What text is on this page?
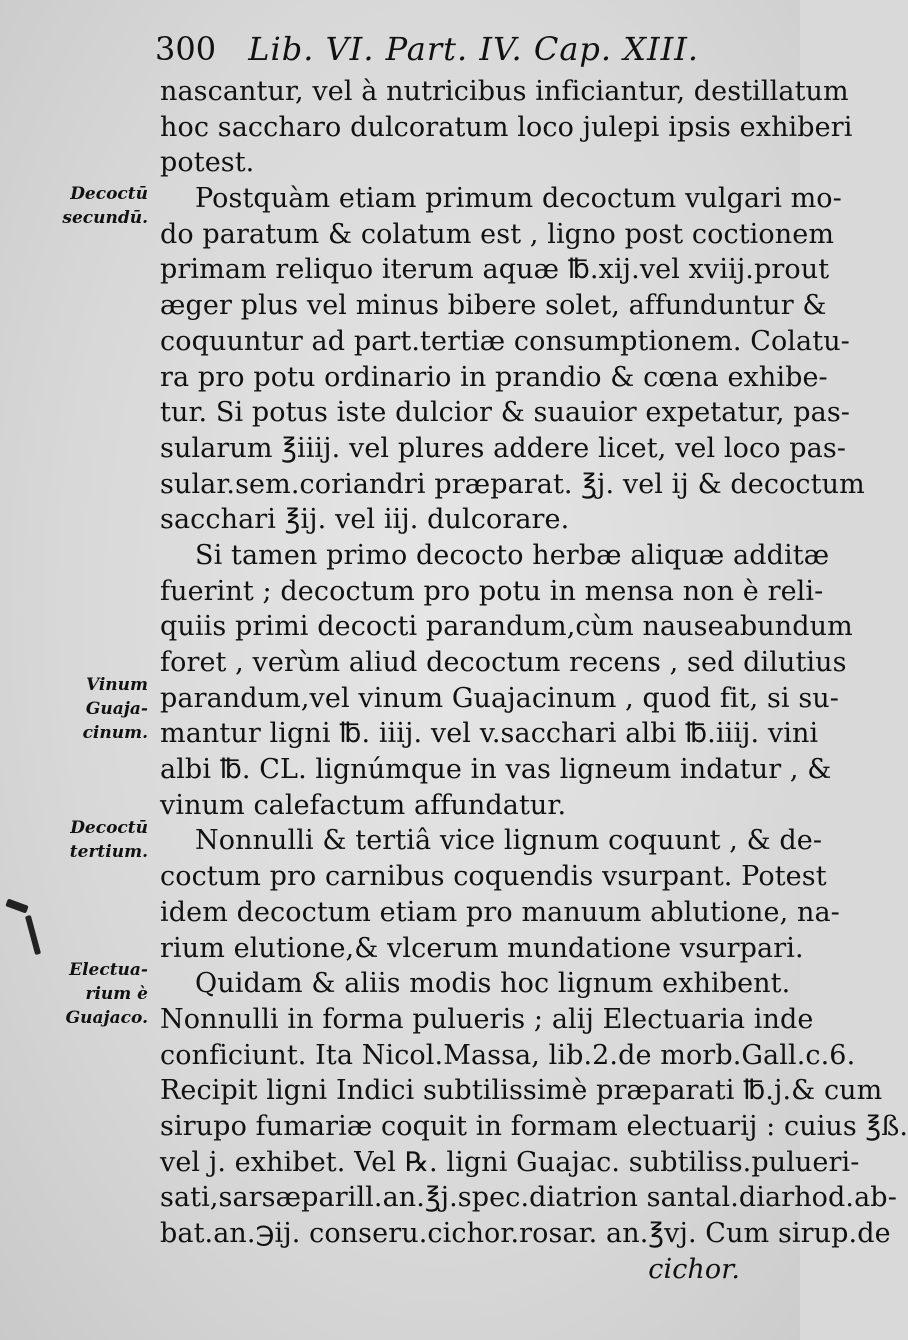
300 Lib. VI. Part. IV. Cap. XIII.
nascantur, vel à nutricibus inficiantur, destillatum
hoc saccharo dulcoratum loco julepi ipsis exhiberi
potest.
Postquàm etiam primum decoctum vulgari mo-
do paratum & colatum est , ligno post coctionem
primam reliquo iterum aquæ ℔.xij.vel xviij.prout
æger plus vel minus bibere solet, affunduntur &
coquuntur ad part.tertiæ consumptionem. Colatu-
ra pro potu ordinario in prandio & cœna exhibe-
tur. Si potus iste dulcior & suauior expetatur, pas-
sularum ℥iiij. vel plures addere licet, vel loco pas-
sular.sem.coriandri præparat. ℥j. vel ij & decoctum
sacchari ℥ij. vel iij. dulcorare.
Si tamen primo decocto herbæ aliquæ additæ
fuerint ; decoctum pro potu in mensa non è reli-
quiis primi decocti parandum,cùm nauseabundum
foret , verùm aliud decoctum recens , sed dilutius
parandum,vel vinum Guajacinum , quod fit, si su-
mantur ligni ℔. iiij. vel v.sacchari albi ℔.iiij. vini
albi ℔. CL. lignúmque in vas ligneum indatur , &
vinum calefactum affundatur.
Nonnulli & tertiâ vice lignum coquunt , & de-
coctum pro carnibus coquendis vsurpant. Potest
idem decoctum etiam pro manuum ablutione, na-
rium elutione,& vlcerum mundatione vsurpari.
Quidam & aliis modis hoc lignum exhibent.
Nonnulli in forma pulueris ; alij Electuaria inde
conficiunt. Ita Nicol.Massa, lib.2.de morb.Gall.c.6.
Recipit ligni Indici subtilissimè præparati ℔.j.& cum
sirupo fumariæ coquit in formam electuarij : cuius ℥ß.
vel j. exhibet. Vel ℞. ligni Guajac. subtiliss.pulueri-
sati,sarsæparill.an.℥j.spec.diatrion santal.diarhod.ab-
bat.an.℈ij. conseru.cichor.rosar. an.℥vj. Cum sirup.de
cichor.
Decoctū
secundū.
Vinum
Guaja-
cinum.
Decoctū
tertium.
Electua-
rium è
Guajaco.
